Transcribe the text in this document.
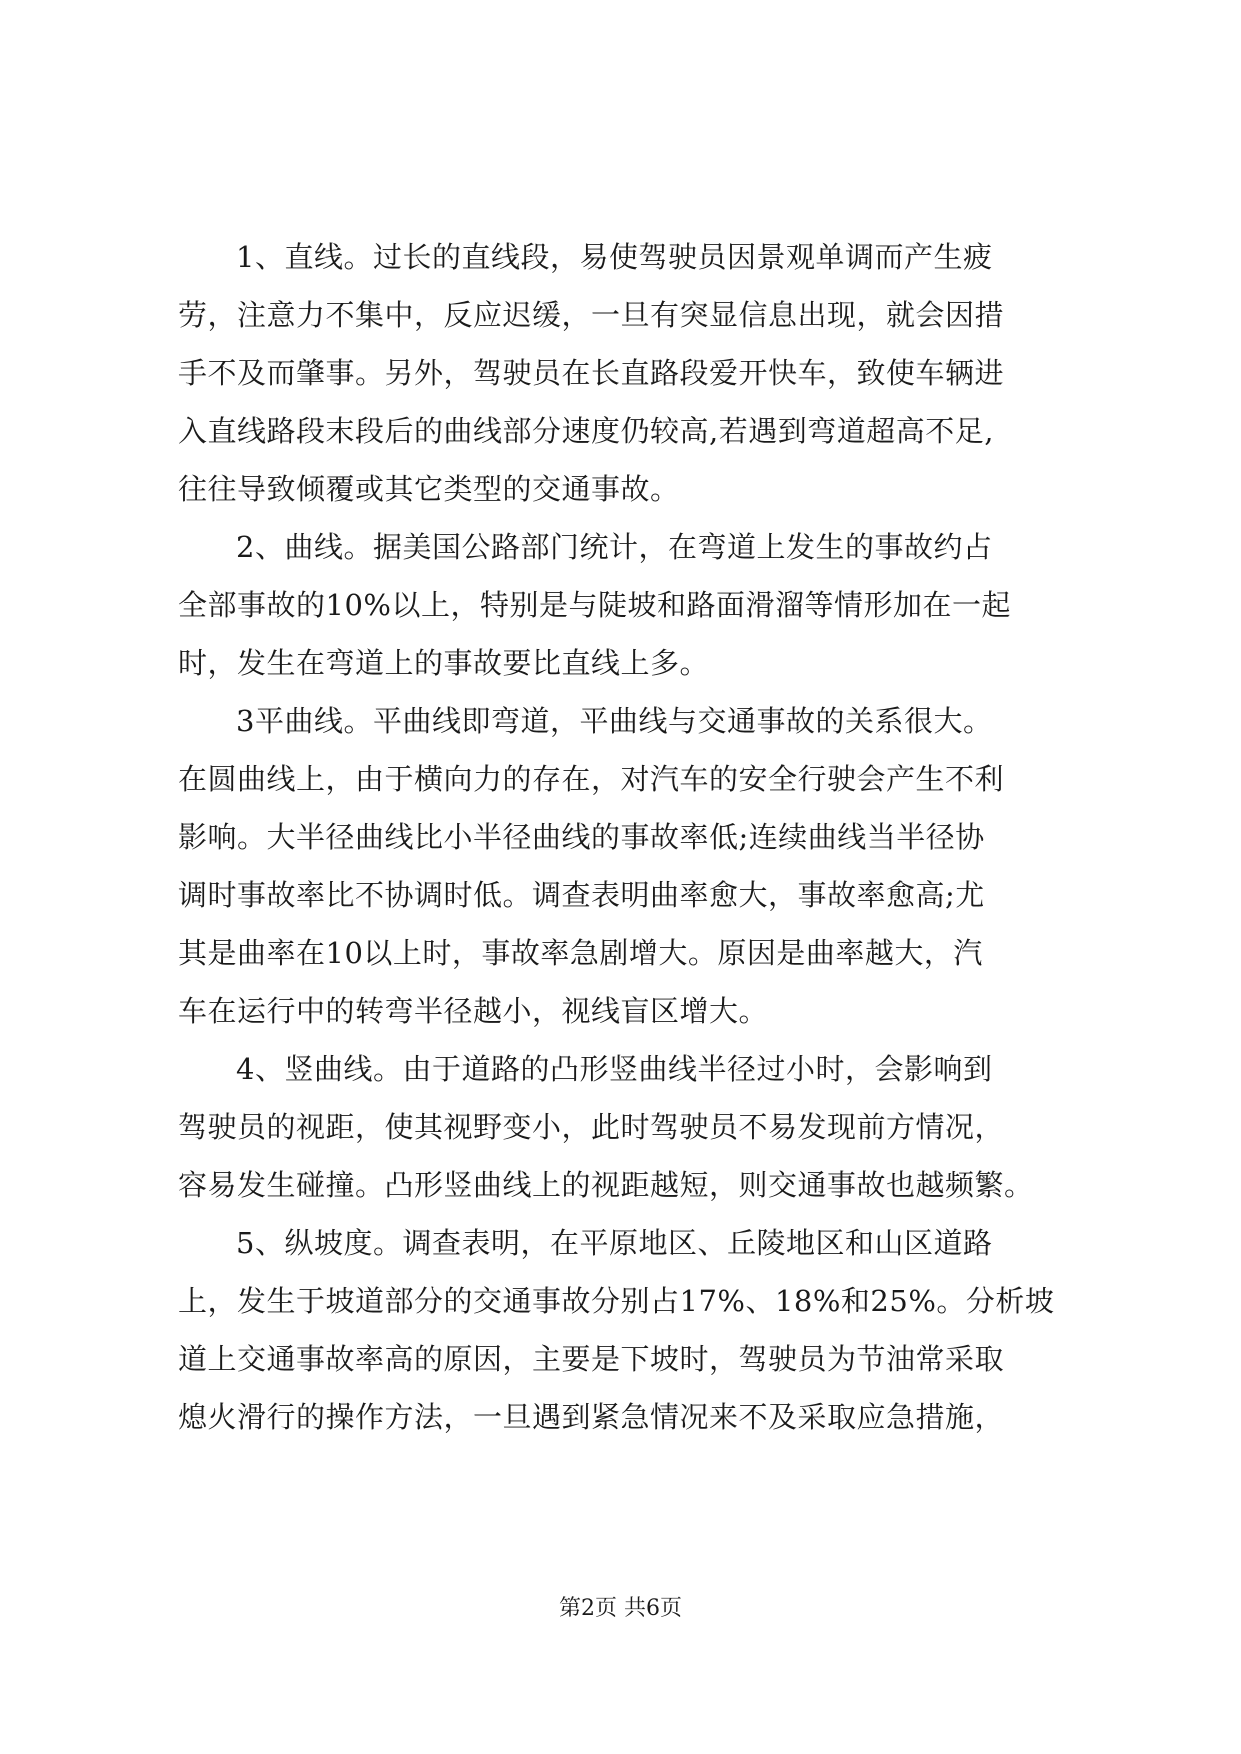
1、直线。过长的直线段，易使驾驶员因景观单调而产生疲
劳，注意力不集中，反应迟缓，一旦有突显信息出现，就会因措
手不及而肇事。另外，驾驶员在长直路段爱开快车，致使车辆进
入直线路段末段后的曲线部分速度仍较高,若遇到弯道超高不足,
往往导致倾覆或其它类型的交通事故。
2、曲线。据美国公路部门统计，在弯道上发生的事故约占
全部事故的10%以上，特别是与陡坡和路面滑溜等情形加在一起
时，发生在弯道上的事故要比直线上多。
3平曲线。平曲线即弯道，平曲线与交通事故的关系很大。
在圆曲线上，由于横向力的存在，对汽车的安全行驶会产生不利
影响。大半径曲线比小半径曲线的事故率低;连续曲线当半径协
调时事故率比不协调时低。调查表明曲率愈大，事故率愈高;尤
其是曲率在10以上时，事故率急剧增大。原因是曲率越大，汽
车在运行中的转弯半径越小，视线盲区增大。
4、竖曲线。由于道路的凸形竖曲线半径过小时，会影响到
驾驶员的视距，使其视野变小，此时驾驶员不易发现前方情况，
容易发生碰撞。凸形竖曲线上的视距越短，则交通事故也越频繁。
5、纵坡度。调查表明，在平原地区、丘陵地区和山区道路
上，发生于坡道部分的交通事故分别占17%、18%和25%。分析坡
道上交通事故率高的原因，主要是下坡时，驾驶员为节油常采取
熄火滑行的操作方法，一旦遇到紧急情况来不及采取应急措施，
第2页 共6页
